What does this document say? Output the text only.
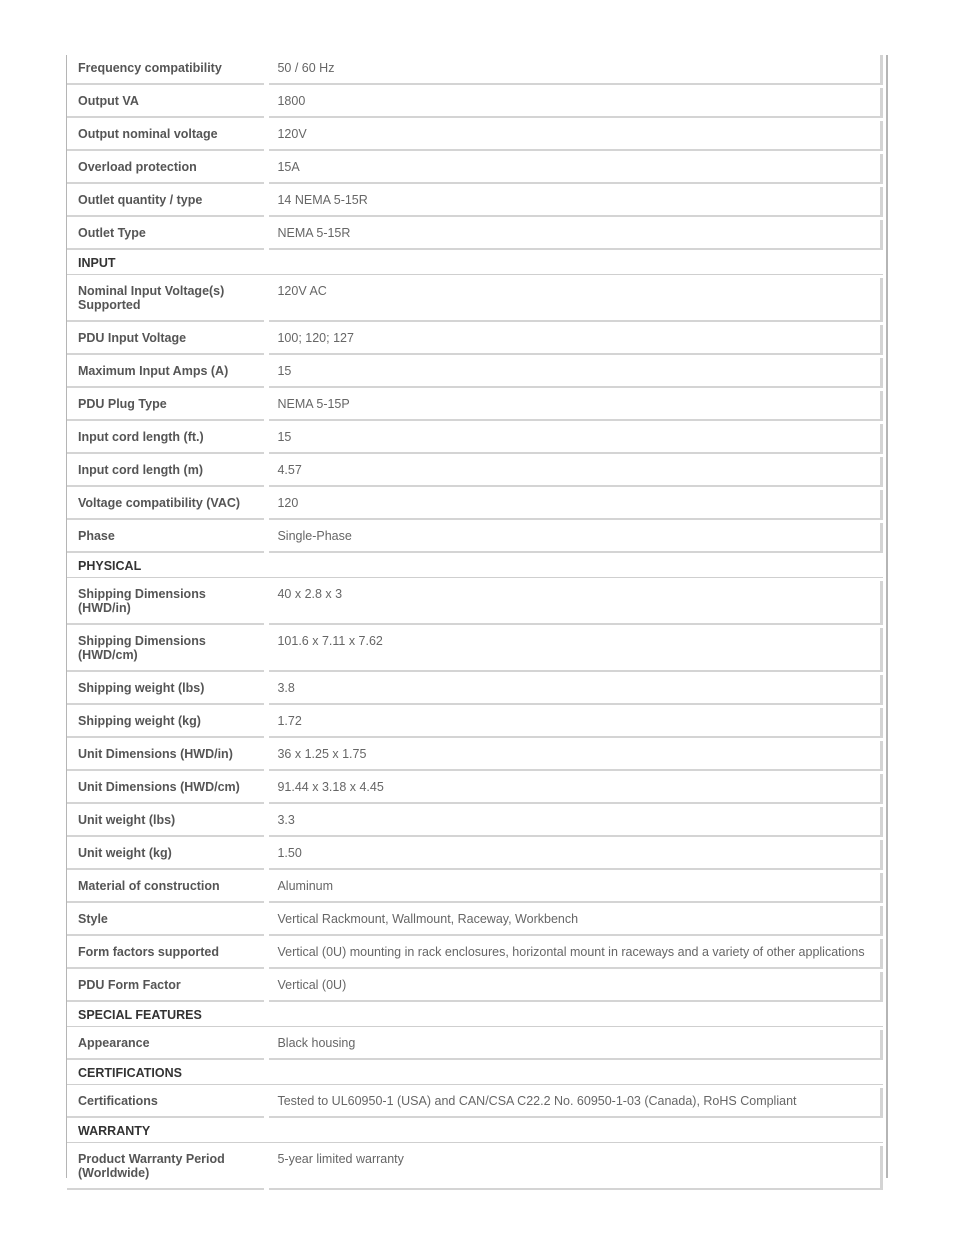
Frequency compatibility		50 / 60 Hz

Output VA		1800

Output nominal voltage		120V

Overload protection		15A

Outlet quantity / type		14 NEMA 5-15R

Outlet Type		NEMA 5-15R

INPUT		

Nominal Input Voltage(s) Supported		120V AC

PDU Input Voltage		100; 120; 127

Maximum Input Amps (A)		15

PDU Plug Type		NEMA 5-15P

Input cord length (ft.)		15

Input cord length (m)		4.57

Voltage compatibility (VAC)		120

Phase		Single-Phase

PHYSICAL		

Shipping Dimensions (HWD/in)		40 x 2.8 x 3

Shipping Dimensions (HWD/cm)		101.6 x 7.11 x 7.62

Shipping weight (lbs)		3.8

Shipping weight (kg)		1.72

Unit Dimensions (HWD/in)		36 x 1.25 x 1.75

Unit Dimensions (HWD/cm)		91.44 x 3.18 x 4.45

Unit weight (lbs)		3.3

Unit weight (kg)		1.50

Material of construction		Aluminum

Style		Vertical Rackmount, Wallmount, Raceway, Workbench

Form factors supported		Vertical (0U) mounting in rack enclosures, horizontal mount in raceways and a variety of other applications

PDU Form Factor		Vertical (0U)

SPECIAL FEATURES		

Appearance		Black housing

CERTIFICATIONS		

Certifications		Tested to UL60950-1 (USA) and CAN/CSA C22.2 No. 60950-1-03 (Canada), RoHS Compliant

WARRANTY		

Product Warranty Period (Worldwide)		5-year limited warranty
